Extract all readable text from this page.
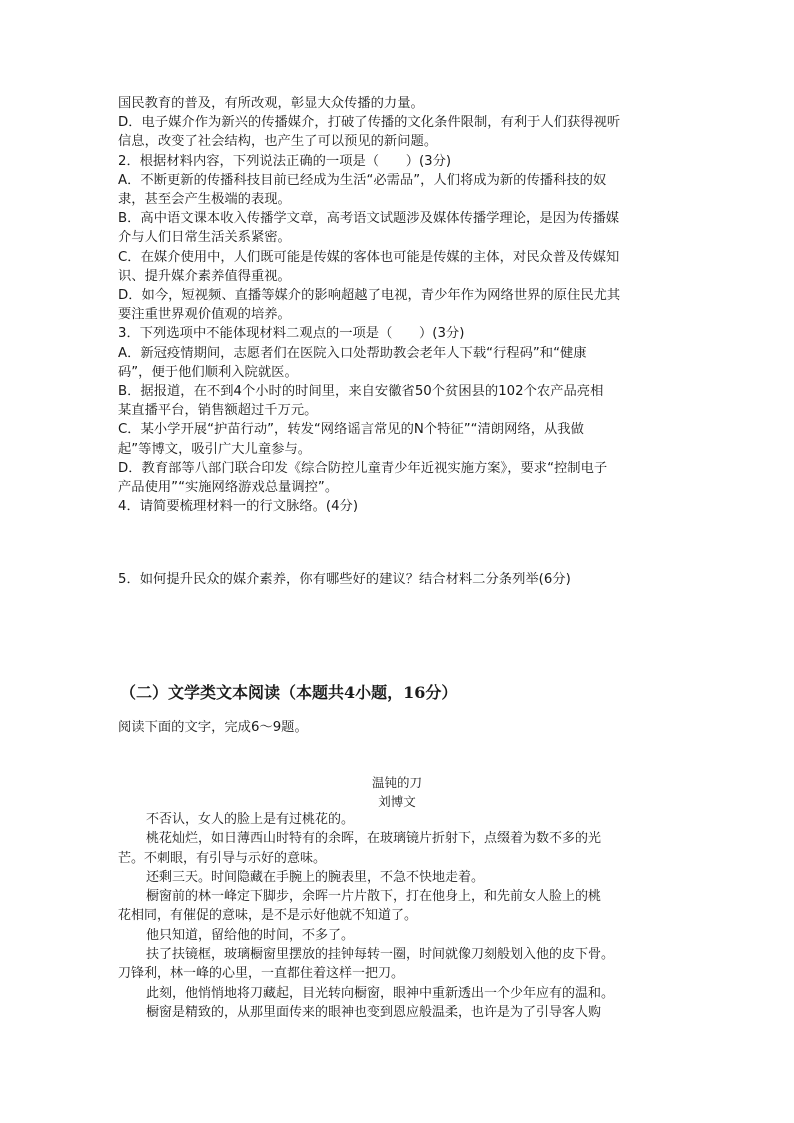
国民教育的普及，有所改观，彰显大众传播的力量。

D．电子媒介作为新兴的传播媒介，打破了传播的文化条件限制，有利于人们获得视听

信息，改变了社会结构，也产生了可以预见的新问题。

2．根据材料内容，下列说法正确的一项是（　　）(3分)

A．不断更新的传播科技目前已经成为生活“必需品”，人们将成为新的传播科技的奴

隶，甚至会产生极端的表现。

B．高中语文课本收入传播学文章，高考语文试题涉及媒体传播学理论，是因为传播媒

介与人们日常生活关系紧密。

C．在媒介使用中，人们既可能是传媒的客体也可能是传媒的主体，对民众普及传媒知

识、提升媒介素养值得重视。

D．如今，短视频、直播等媒介的影响超越了电视，青少年作为网络世界的原住民尤其

要注重世界观价值观的培养。

3．下列选项中不能体现材料二观点的一项是（　　）(3分)

A．新冠疫情期间，志愿者们在医院入口处帮助教会老年人下载“行程码”和“健康

码”，便于他们顺利入院就医。

B．据报道，在不到4个小时的时间里，来自安徽省50个贫困县的102个农产品亮相

某直播平台，销售额超过千万元。

C．某小学开展“护苗行动”，转发“网络谣言常见的N个特征”“清朗网络，从我做

起”等博文，吸引广大儿童参与。

D．教育部等八部门联合印发《综合防控儿童青少年近视实施方案》，要求“控制电子

产品使用”“实施网络游戏总量调控”。

4．请简要梳理材料一的行文脉络。(4分)

5．如何提升民众的媒介素养，你有哪些好的建议？结合材料二分条列举(6分)

（二）文学类文本阅读（本题共4小题，16分）
阅读下面的文字，完成6～9题。
温钝的刀
刘博文

不否认，女人的脸上是有过桃花的。

桃花灿烂，如日薄西山时特有的余晖，在玻璃镜片折射下，点缀着为数不多的光

芒。不刺眼，有引导与示好的意味。

还剩三天。时间隐藏在手腕上的腕表里，不急不快地走着。

橱窗前的林一峰定下脚步，余晖一片片散下，打在他身上，和先前女人脸上的桃

花相同，有催促的意味，是不是示好他就不知道了。

他只知道，留给他的时间，不多了。

扶了扶镜框，玻璃橱窗里摆放的挂钟每转一圈，时间就像刀刻般划入他的皮下骨。

刀锋利，林一峰的心里，一直都住着这样一把刀。

此刻，他悄悄地将刀藏起，目光转向橱窗，眼神中重新透出一个少年应有的温和。

橱窗是精致的，从那里面传来的眼神也变到恩应般温柔，也许是为了引导客人购
